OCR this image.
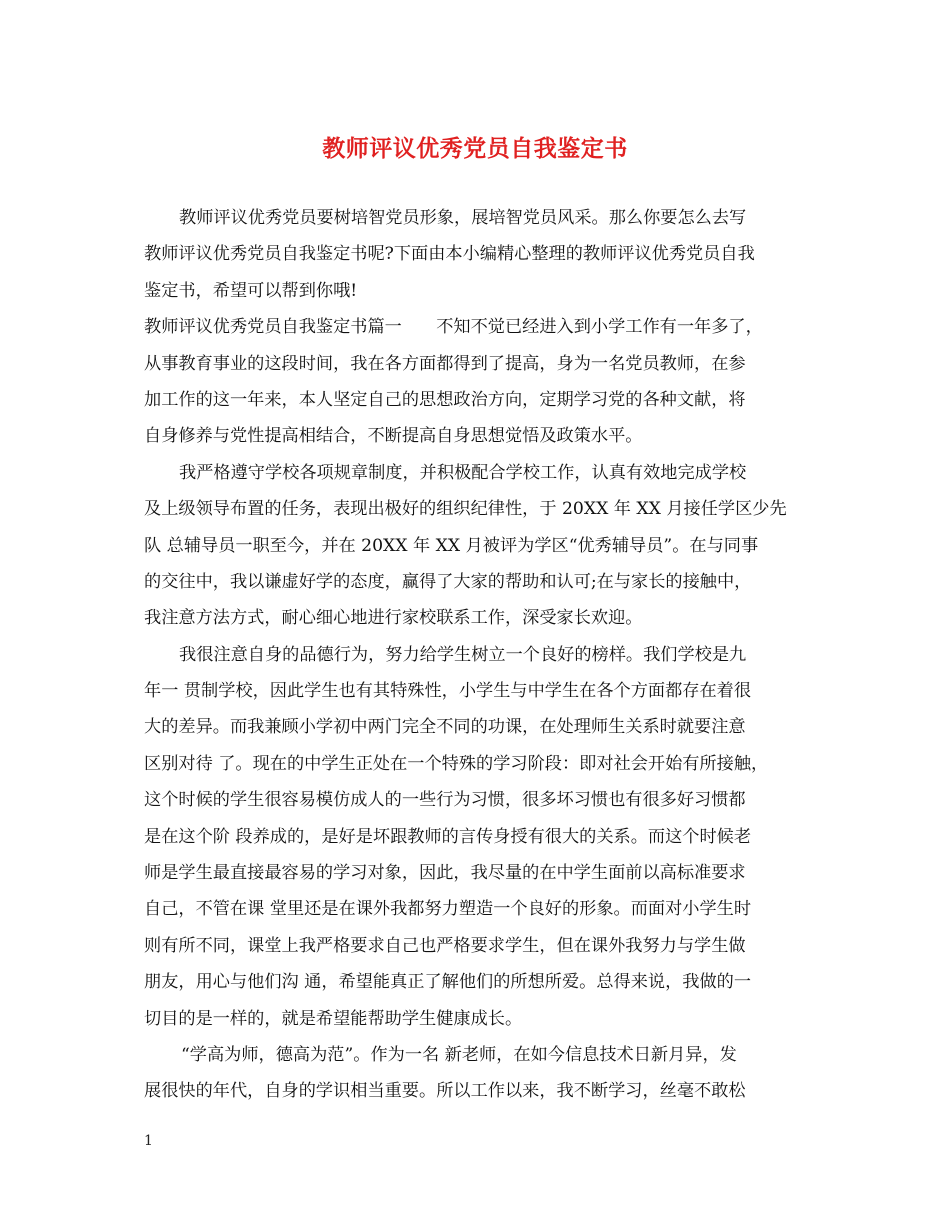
教师评议优秀党员自我鉴定书
教师评议优秀党员要树培智党员形象，展培智党员风采。那么你要怎么去写
教师评议优秀党员自我鉴定书呢?下面由本小编精心整理的教师评议优秀党员自我
鉴定书，希望可以帮到你哦!
教师评议优秀党员自我鉴定书篇一　　不知不觉已经进入到小学工作有一年多了，
从事教育事业的这段时间，我在各方面都得到了提高，身为一名党员教师，在参
加工作的这一年来，本人坚定自己的思想政治方向，定期学习党的各种文献，将
自身修养与党性提高相结合，不断提高自身思想觉悟及政策水平。
我严格遵守学校各项规章制度，并积极配合学校工作，认真有效地完成学校
及上级领导布置的任务，表现出极好的组织纪律性，于 20XX 年 XX 月接任学区少先
队 总辅导员一职至今，并在 20XX 年 XX 月被评为学区“优秀辅导员”。在与同事
的交往中，我以谦虚好学的态度，赢得了大家的帮助和认可;在与家长的接触中，
我注意方法方式，耐心细心地进行家校联系工作，深受家长欢迎。
我很注意自身的品德行为，努力给学生树立一个良好的榜样。我们学校是九
年一 贯制学校，因此学生也有其特殊性，小学生与中学生在各个方面都存在着很
大的差异。而我兼顾小学初中两门完全不同的功课，在处理师生关系时就要注意
区别对待 了。现在的中学生正处在一个特殊的学习阶段：即对社会开始有所接触，
这个时候的学生很容易模仿成人的一些行为习惯，很多坏习惯也有很多好习惯都
是在这个阶 段养成的，是好是坏跟教师的言传身授有很大的关系。而这个时候老
师是学生最直接最容易的学习对象，因此，我尽量的在中学生面前以高标准要求
自己，不管在课 堂里还是在课外我都努力塑造一个良好的形象。而面对小学生时
则有所不同，课堂上我严格要求自己也严格要求学生，但在课外我努力与学生做
朋友，用心与他们沟 通，希望能真正了解他们的所想所爱。总得来说，我做的一
切目的是一样的，就是希望能帮助学生健康成长。
“学高为师，德高为范”。作为一名 新老师，在如今信息技术日新月异，发
展很快的年代，自身的学识相当重要。所以工作以来，我不断学习，丝毫不敢松
1
